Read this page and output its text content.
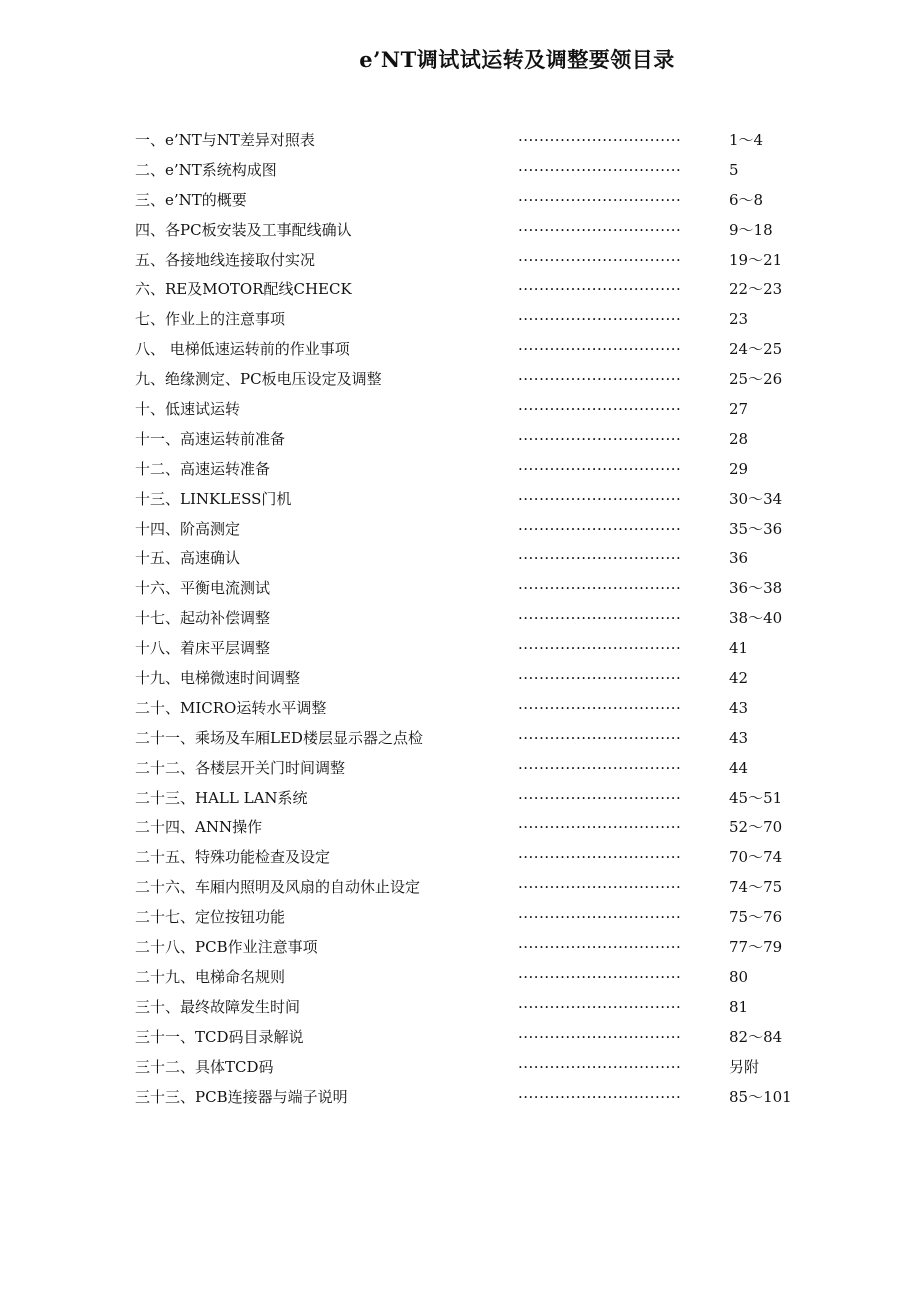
e’NT调试试运转及调整要领目录
一、e’NT与NT差异对照表	·······························	1～4
二、e’NT系统构成图	·······························	5
三、e’NT的概要	·······························	6～8
四、各PC板安装及工事配线确认	·······························	9～18
五、各接地线连接取付实况	·······························	19～21
六、RE及MOTOR配线CHECK	·······························	22～23
七、作业上的注意事项	·······························	23
八、 电梯低速运转前的作业事项	·······························	24～25
九、绝缘测定、PC板电压设定及调整	·······························	25～26
十、低速试运转	·······························	27
十一、高速运转前准备	·······························	28
十二、高速运转准备	·······························	29
十三、LINKLESS门机	·······························	30～34
十四、阶高测定	·······························	35～36
十五、高速确认	·······························	36
十六、平衡电流测试	·······························	36～38
十七、起动补偿调整	·······························	38～40
十八、着床平层调整	·······························	41
十九、电梯微速时间调整	·······························	42
二十、MICRO运转水平调整	·······························	43
二十一、乘场及车厢LED楼层显示器之点检	·······························	43
二十二、各楼层开关门时间调整	·······························	44
二十三、HALL LAN系统	·······························	45～51
二十四、ANN操作	·······························	52～70
二十五、特殊功能检查及设定	·······························	70～74
二十六、车厢内照明及风扇的自动休止设定	·······························	74～75
二十七、定位按钮功能	·······························	75～76
二十八、PCB作业注意事项	·······························	77～79
二十九、电梯命名规则	·······························	80
三十、最终故障发生时间	·······························	81
三十一、TCD码目录解说	·······························	82～84
三十二、具体TCD码	·······························	另附
三十三、PCB连接器与端子说明	·······························	85～101
